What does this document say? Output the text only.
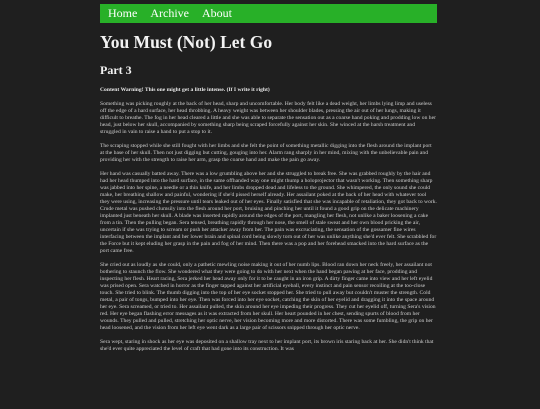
Home Archive About
You Must (Not) Let Go
Part 3

Content Warning! This one might get a little intense. (If I write it right)

Something was picking roughly at the back of her head, sharp and uncomfortable. Her body felt like a dead weight, her limbs lying limp and useless off the edge of a hard surface, her head throbbing. A heavy weight was between her shoulder blades, pressing the air out of her lungs, making it difficult to breathe. The fog in her head cleared a little and she was able to separate the sensation out as a coarse hand poking and prodding low on her head, just below her skull, accompanied by something sharp being scraped forcefully against her skin. She winced at the harsh treatment and struggled in vain to raise a hand to put a stop to it.

The scraping stopped while she still fought with her limbs and she felt the point of something metallic digging into the flesh around the implant port at the base of her skull. Then not just digging but cutting, gouging into her. Alarm rang sharply in her mind, mixing with the unbelievable pain and providing her with the strength to raise her arm, grasp the coarse hand and make the pain go away.

Her hand was casually batted away. There was a low grumbling above her and she struggled to break free. She was grabbed roughly by the hair and had her head thumped into the hard surface, in the same offhanded way one might thump a holoprojector that wasn't working. Then something sharp was jabbed into her spine, a needle or a thin knife, and her limbs dropped dead and lifeless to the ground. She whimpered, the only sound she could make, her breathing shallow and painful, wondering if she'd pissed herself already. Her assailant poked at the back of her head with whatever tool they were using, increasing the pressure until tears leaked out of her eyes. Finally satisfied that she was incapable of retaliation, they got back to work. Crude metal was pushed clumsily into the flesh around her port, bruising and pinching her until it found a good grip on the delicate machinery implanted just beneath her skull. A blade was inserted rapidly around the edges of the port, mangling her flesh, not unlike a baker loosening a cake from a tin. Then the pulling began. Sera tensed, breathing rapidly through her nose, the smell of stale sweat and her own blood pricking the air, uncertain if she was trying to scream or push her attacker away from her. The pain was excruciating, the sensation of the gossamer fine wires interfacing between the implant and her lower brain and spinal cord being slowly torn out of her was unlike anything she'd ever felt. She scrabbled for the Force but it kept eluding her grasp in the pain and fog of her mind. Then there was a pop and her forehead smacked into the hard surface as the port came free.

She cried out as loudly as she could, only a pathetic mewling noise making it out of her numb lips. Blood ran down her neck freely, her assailant not bothering to staunch the flow. She wondered what they were going to do with her next when the hand began pawing at her face, prodding and inspecting her flesh. Heart racing, Sera jerked her head away only for it to be caught in an iron grip. A dirty finger came into view and her left eyelid was prised open. Sera watched in horror as the finger tapped against her artificial eyeball, every instinct and pain sensor recoiling at the too-close touch. She tried to blink. The thumb digging into the top of her eye socket stopped her. She tried to pull away but couldn't muster the strength. Cold metal, a pair of tongs, bumped into her eye. Then was forced into her eye socket, catching the skin of her eyelid and dragging it into the space around her eye. Sera screamed, or tried to. Her assailant pulled, the skin around her eye impeding their progress. They cut her eyelid off, turning Sera's vision red. Her eye began flashing error messages as it was extracted from her skull. Her heart pounded in her chest, sending spurts of blood from her wounds. They pulled and pulled, stretching her optic nerve, her vision becoming more and more distorted. There was some fumbling, the grip on her head loosened, and the vision from her left eye went dark as a large pair of scissors snipped through her optic nerve.

Sera wept, staring in shock as her eye was deposited on a shallow tray next to her implant port, its brown iris staring back at her. She didn't think that she'd ever quite appreciated the level of craft that had gone into its construction. It was
